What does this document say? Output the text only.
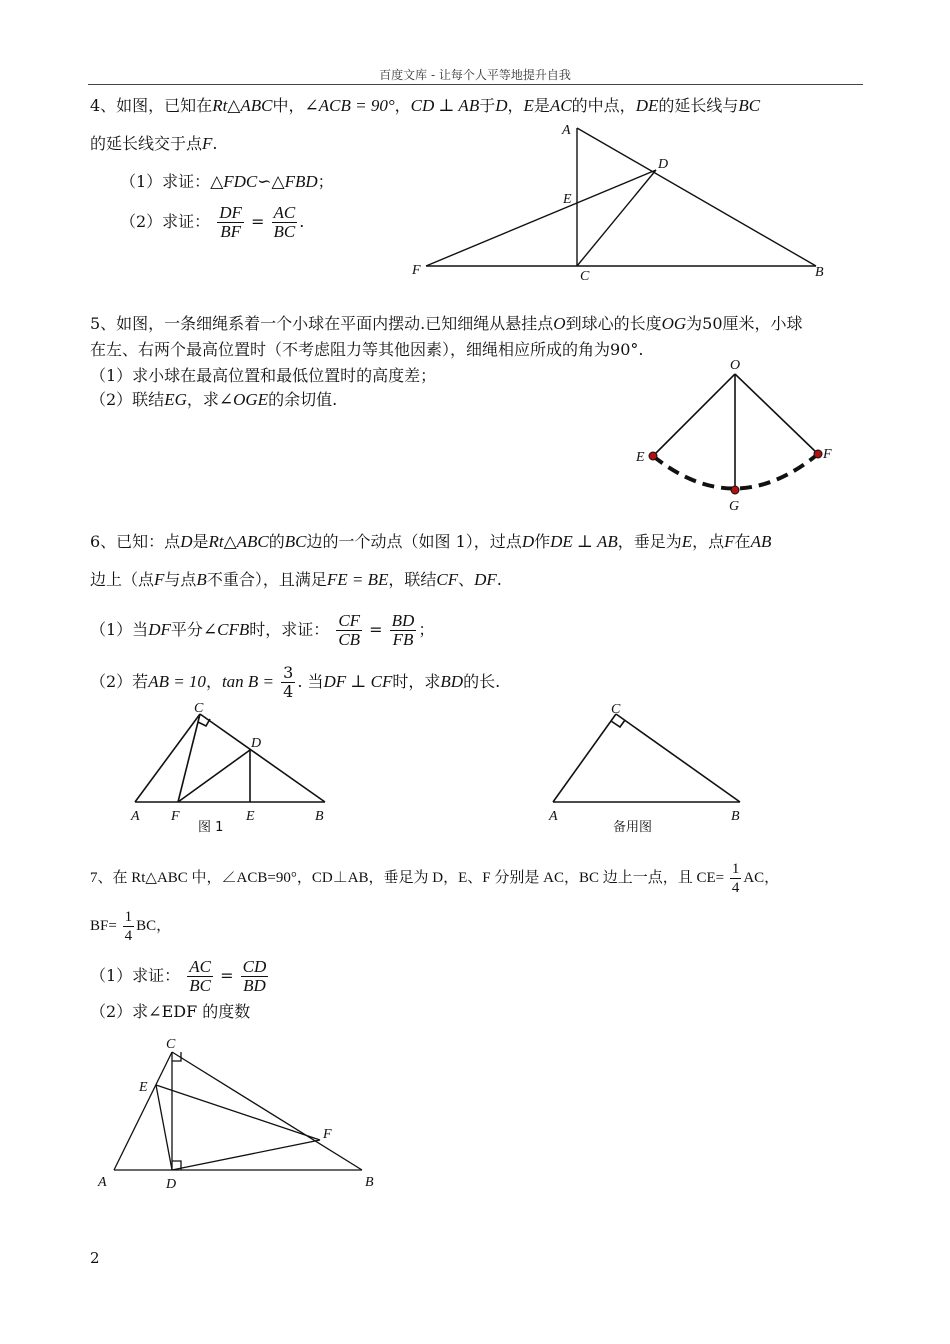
百度文库 - 让每个人平等地提升自我
4、如图，已知在Rt△ABC中，∠ACB = 90°，CD ⊥ AB于D，E是AC的中点，DE的延长线与BC
的延长线交于点F.
（1）求证：△FDC∽△FBD；
（2）求证： $\frac{DF}{BF} = \frac{AC}{BC}$ .
A
D
E
F	C	B
5、如图，一条细绳系着一个小球在平面内摆动.已知细绳从悬挂点O到球心的长度OG为50厘米，小球
在左、右两个最高位置时（不考虑阻力等其他因素），细绳相应所成的角为90°.
（1）求小球在最高位置和最低位置时的高度差；
（2）联结EG，求∠OGE的余切值.
O
E	F
G
6、已知：点D是Rt△ABC的BC边的一个动点（如图 1），过点D作DE ⊥ AB，垂足为E，点F在AB
边上（点F与点B不重合），且满足FE = BE，联结CF、DF.
（1）当DF平分∠CFB时，求证： $\frac{CF}{CB} = \frac{BD}{FB}$ ；
（2）若AB = 10，$\tan B = \frac{3}{4}$ . 当DF ⊥ CF时，求BD的长.
C
D
A F	E	B
图 1
C
A	B
备用图
7、在 Rt△ABC 中，∠ACB=90°，CD⊥AB，垂足为 D，E、F 分别是 AC，BC 边上一点，且 $CE= \frac{1}{4}$ AC，
$BF= \frac{1}{4}$ BC，
（1）求证： $\frac{AC}{BC} = \frac{CD}{BD}$
（2）求∠EDF 的度数
C
E
F
A	D	B
2
